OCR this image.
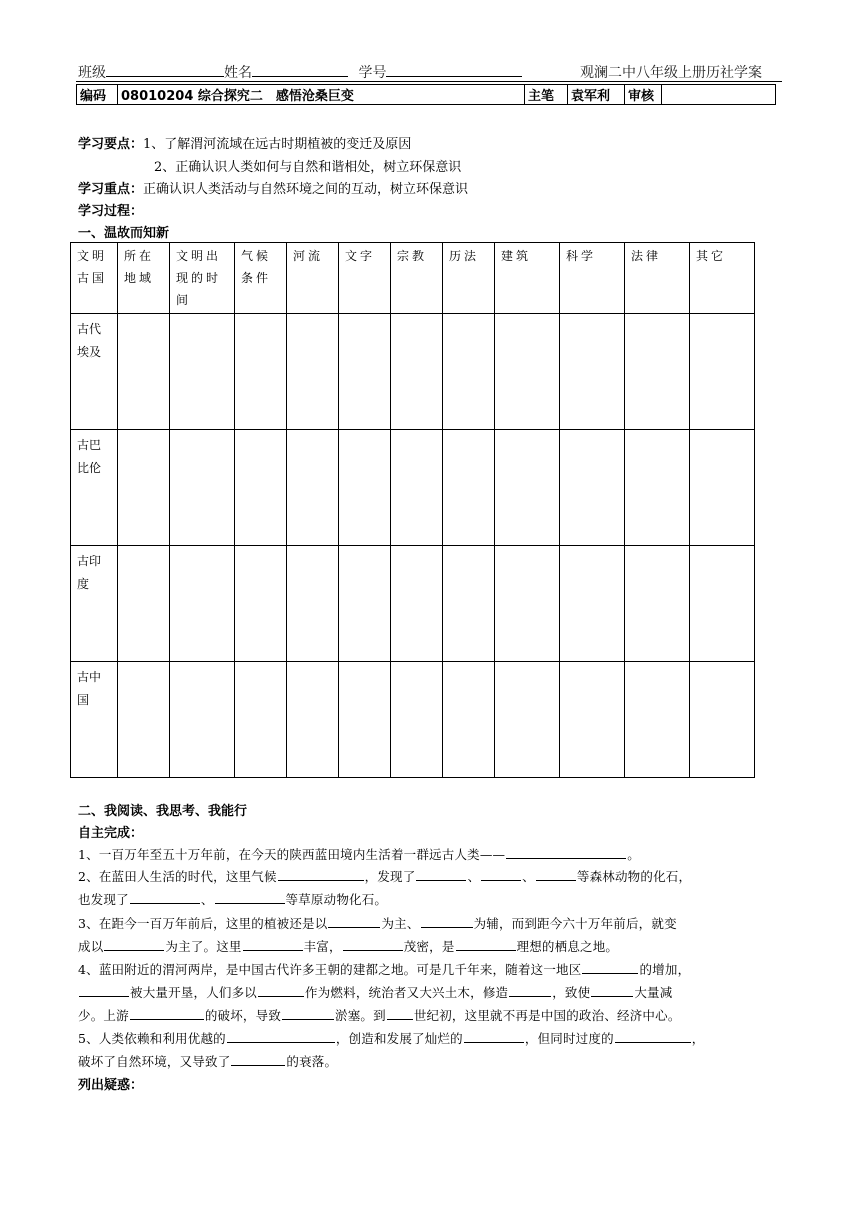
班级	姓名	学号	观澜二中八年级上册历社学案
编码	08010204 综合探究二　感悟沧桑巨变	主笔	袁军利	审核	
学习要点：1、了解渭河流域在远古时期植被的变迁及原因
2、正确认识人类如何与自然和谐相处，树立环保意识
学习重点：正确认识人类活动与自然环境之间的互动，树立环保意识
学习过程：
一、温故而知新
文明古国	所在地域	文明出现的时间	气候条件	河流	文字	宗教	历法	建筑	科学	法律	其它
古代埃及											
古巴比伦											
古印度											
古中国											
二、我阅读、我思考、我能行
自主完成：
1、一百万年至五十万年前，在今天的陕西蓝田境内生活着一群远古人类——	。
2、在蓝田人生活的时代，这里气候	，发现了	、	、	等森林动物的化石，
也发现了	、	等草原动物化石。
3、在距今一百万年前后，这里的植被还是以	为主、	为辅，而到距今六十万年前后，就变
成以	为主了。这里	丰富，	茂密，是	理想的栖息之地。
4、蓝田附近的渭河两岸，是中国古代许多王朝的建都之地。可是几千年来，随着这一地区	的增加，
被大量开垦，人们多以	作为燃料，统治者又大兴土木，修造	，致使	大量减
少。上游	的破坏，导致	淤塞。到 世纪初，这里就不再是中国的政治、经济中心。
5、人类依赖和利用优越的	，创造和发展了灿烂的	，但同时过度的	，
破坏了自然环境，又导致了	的衰落。
列出疑惑：
